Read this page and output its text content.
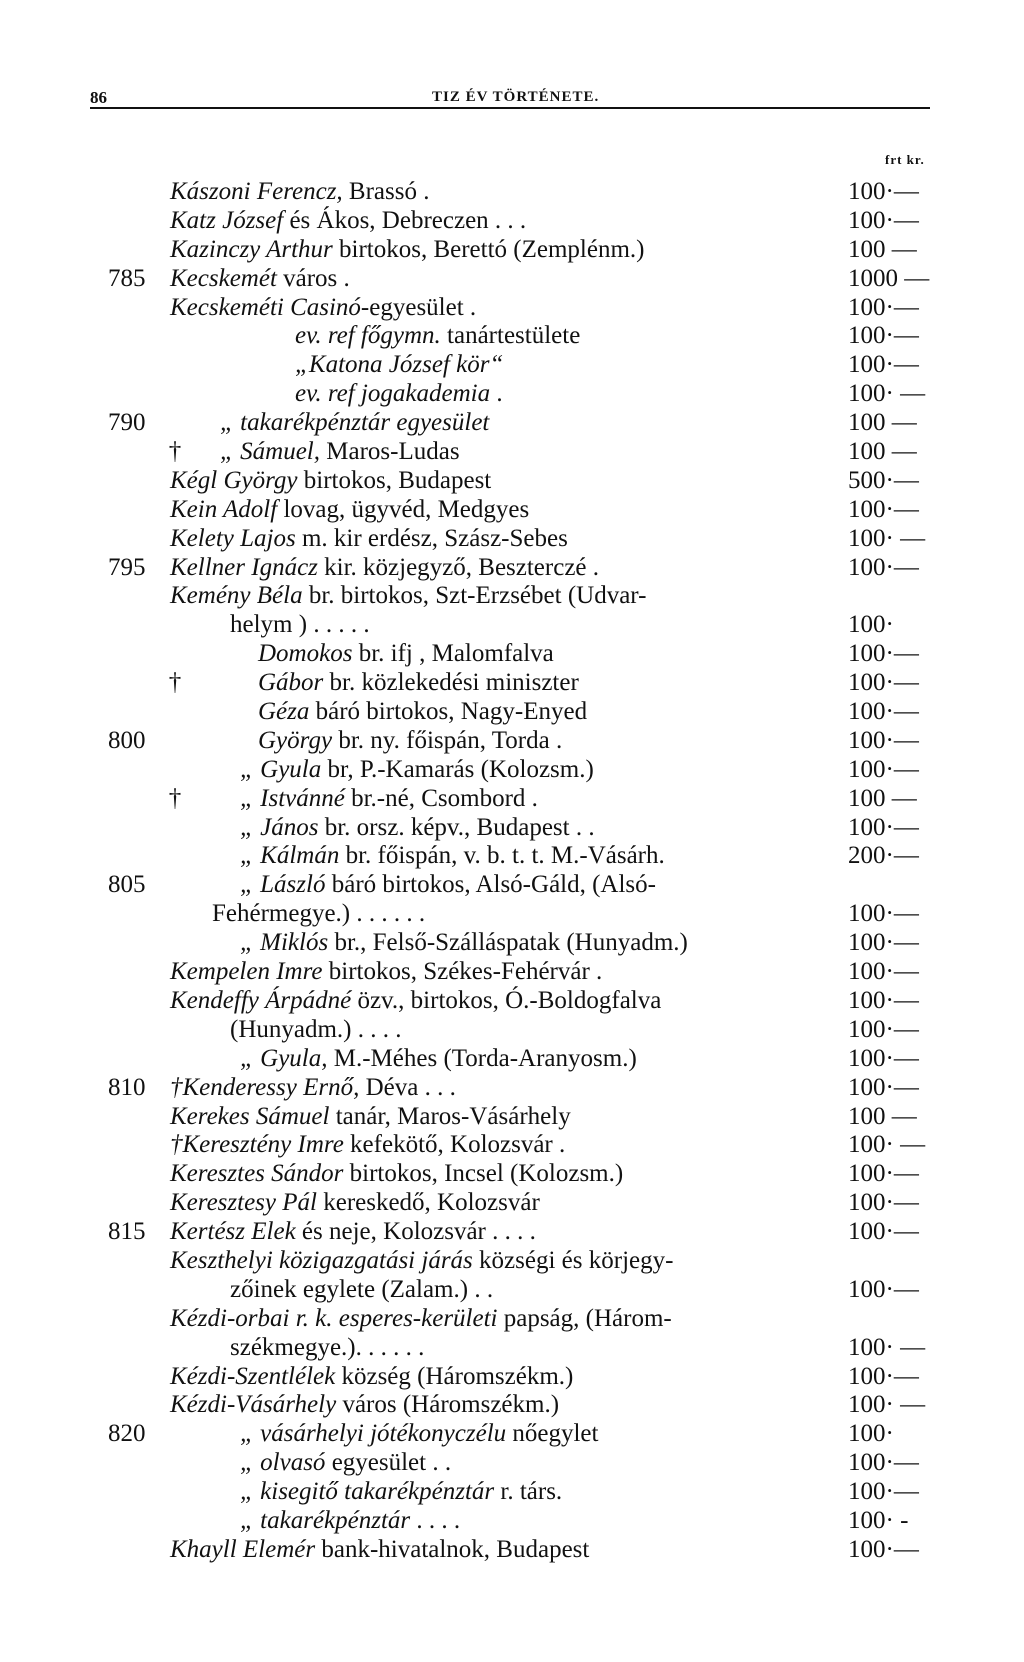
86	TIZ ÉV TÖRTÉNETE.
frt kr.
Kászoni Ferencz, Brassó .	100·—
Katz József és Ákos, Debreczen . . .	100·—
Kazinczy Arthur birtokos, Berettó (Zemplénm.)	100 —
785 Kecskemét város .	1000 —
Kecskeméti Casinó-egyesület .	100·—
ev. ref főgymn. tanártestülete	100·—
„Katona József kör“	100·—
ev. ref jogakademia .	100· —
790	„ takarékpénztár egyesület	100 —
† „ Sámuel, Maros-Ludas	100 —
Kégl György birtokos, Budapest	500·—
Kein Adolf lovag, ügyvéd, Medgyes	100·—
Kelety Lajos m. kir erdész, Szász-Sebes	100· —
795 Kellner Ignácz kir. közjegyző, Beszterczé .	100·—
Kemény Béla br. birtokos, Szt-Erzsébet (Udvar-
helym ) . . . . .	100·
Domokos br. ifj , Malomfalva	100·—
†	Gábor br. közlekedési miniszter	100·—
Géza báró birtokos, Nagy-Enyed	100·—
800	György br. ny. főispán, Torda .	100·—
„ Gyula br, P.-Kamarás (Kolozsm.)	100·—
† „ Istvánné br.-né, Csombord .	100 —
„ János br. orsz. képv., Budapest . .	100·—
„ Kálmán br. főispán, v. b. t. t. M.-Vásárh.	200·—
805	„ László báró birtokos, Alsó-Gáld, (Alsó-
Fehérmegye.) . . . . . .	100·—
„ Miklós br., Felső-Szálláspatak (Hunyadm.)	100·—
Kempelen Imre birtokos, Székes-Fehérvár .	100·—
Kendeffy Árpádné özv., birtokos, Ó.-Boldogfalva	100·—
(Hunyadm.) . . . .	100·—
„ Gyula, M.-Méhes (Torda-Aranyosm.)	100·—
810 †Kenderessy Ernő, Déva . . .	100·—
Kerekes Sámuel tanár, Maros-Vásárhely	100 —
†Keresztény Imre kefekötő, Kolozsvár .	100· —
Keresztes Sándor birtokos, Incsel (Kolozsm.)	100·—
Keresztesy Pál kereskedő, Kolozsvár	100·—
815 Kertész Elek és neje, Kolozsvár . . . .	100·—
Keszthelyi közigazgatási járás községi és körjegy-
zőinek egylete (Zalam.) . .	100·—
Kézdi-orbai r. k. esperes-kerületi papság, (Három-
székmegye.). . . . . .	100· —
Kézdi-Szentlélek község (Háromszékm.)	100·—
Kézdi-Vásárhely város (Háromszékm.)	100· —
820	„ vásárhelyi jótékonyczélu nőegylet	100·
„ olvasó egyesület . .	100·—
„ kisegitő takarékpénztár r. társ.	100·—
„ takarékpénztár . . . .	100· -
Khayll Elemér bank-hivatalnok, Budapest	100·—
